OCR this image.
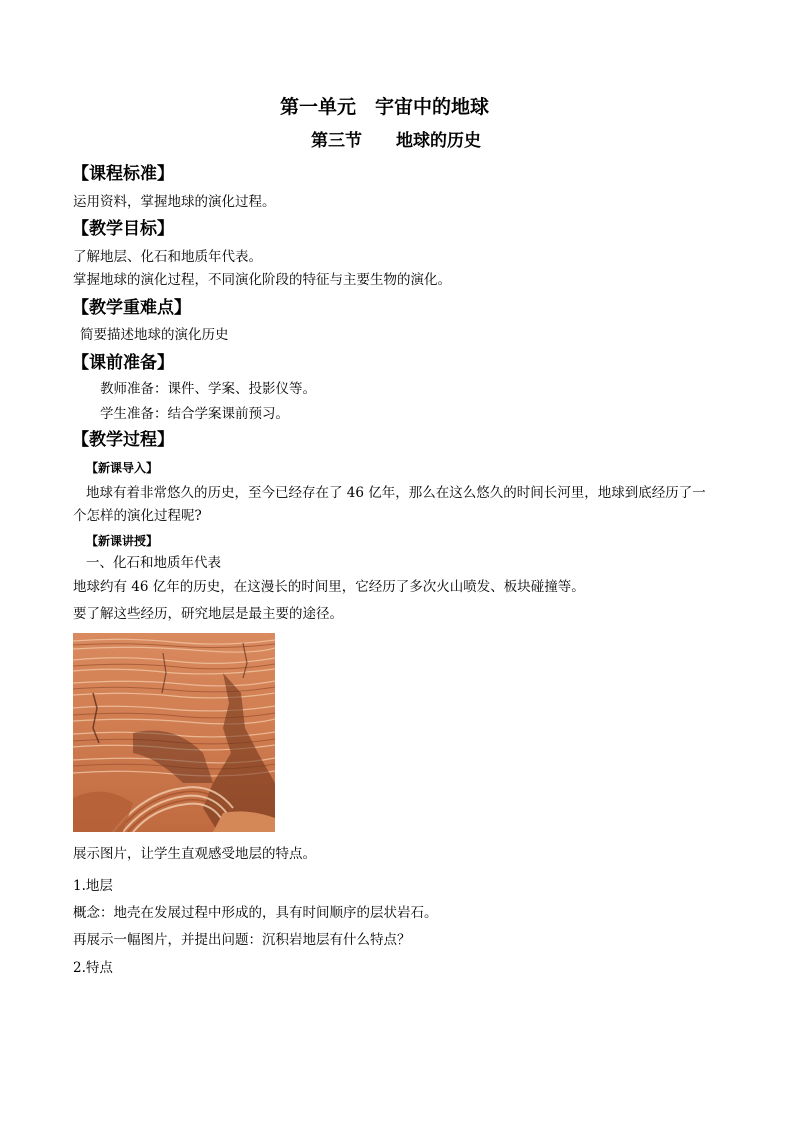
第一单元　宇宙中的地球
第三节　　地球的历史
【课程标准】
运用资料，掌握地球的演化过程。
【教学目标】
了解地层、化石和地质年代表。
掌握地球的演化过程，不同演化阶段的特征与主要生物的演化。
【教学重难点】
简要描述地球的演化历史
【课前准备】
教师准备：课件、学案、投影仪等。
学生准备：结合学案课前预习。
【教学过程】
【新课导入】
地球有着非常悠久的历史，至今已经存在了 46 亿年，那么在这么悠久的时间长河里，地球到底经历了一
个怎样的演化过程呢?
【新课讲授】
一、化石和地质年代表
地球约有 46 亿年的历史，在这漫长的时间里，它经历了多次火山喷发、板块碰撞等。
要了解这些经历，研究地层是最主要的途径。
展示图片，让学生直观感受地层的特点。
1.地层
概念：地壳在发展过程中形成的，具有时间顺序的层状岩石。
再展示一幅图片，并提出问题：沉积岩地层有什么特点？
2.特点
